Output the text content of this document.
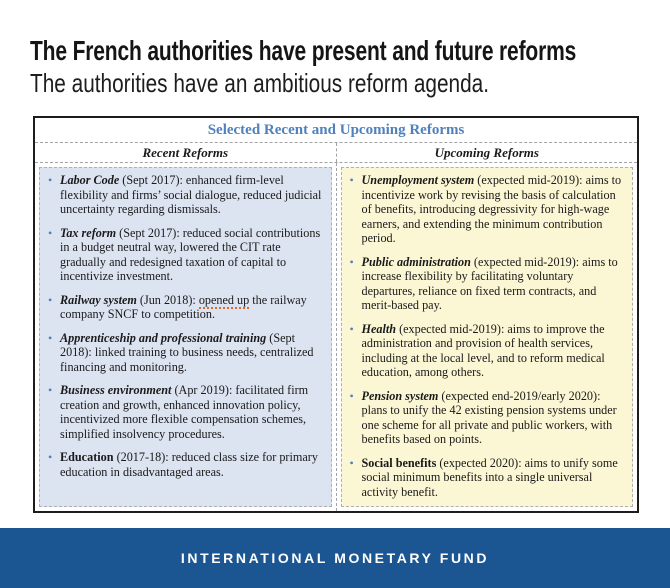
The French authorities have present and future reforms

The authorities have an ambitious reform agenda.

Selected Recent and Upcoming Reforms
Recent Reforms	Upcoming Reforms
• Labor Code (Sept 2017): enhanced firm-level flexibility and firms’ social dialogue, reduced judicial uncertainty regarding dismissals.
• Tax reform (Sept 2017): reduced social contributions in a budget neutral way, lowered the CIT rate gradually and redesigned taxation of capital to incentivize investment.
• Railway system (Jun 2018): opened up the railway company SNCF to competition.
• Apprenticeship and professional training (Sept 2018): linked training to business needs, centralized financing and monitoring.
• Business environment (Apr 2019): facilitated firm creation and growth, enhanced innovation policy, incentivized more flexible compensation schemes, simplified insolvency procedures.
• Education (2017-18): reduced class size for primary education in disadvantaged areas.
• Unemployment system (expected mid-2019): aims to incentivize work by revising the basis of calculation of benefits, introducing degressivity for high-wage earners, and extending the minimum contribution period.
• Public administration (expected mid-2019): aims to increase flexibility by facilitating voluntary departures, reliance on fixed term contracts, and merit-based pay.
• Health (expected mid-2019): aims to improve the administration and provision of health services, including at the local level, and to reform medical education, among others.
• Pension system (expected end-2019/early 2020): plans to unify the 42 existing pension systems under one scheme for all private and public workers, with benefits based on points.
• Social benefits (expected 2020): aims to unify some social minimum benefits into a single universal activity benefit.
INTERNATIONAL MONETARY FUND
